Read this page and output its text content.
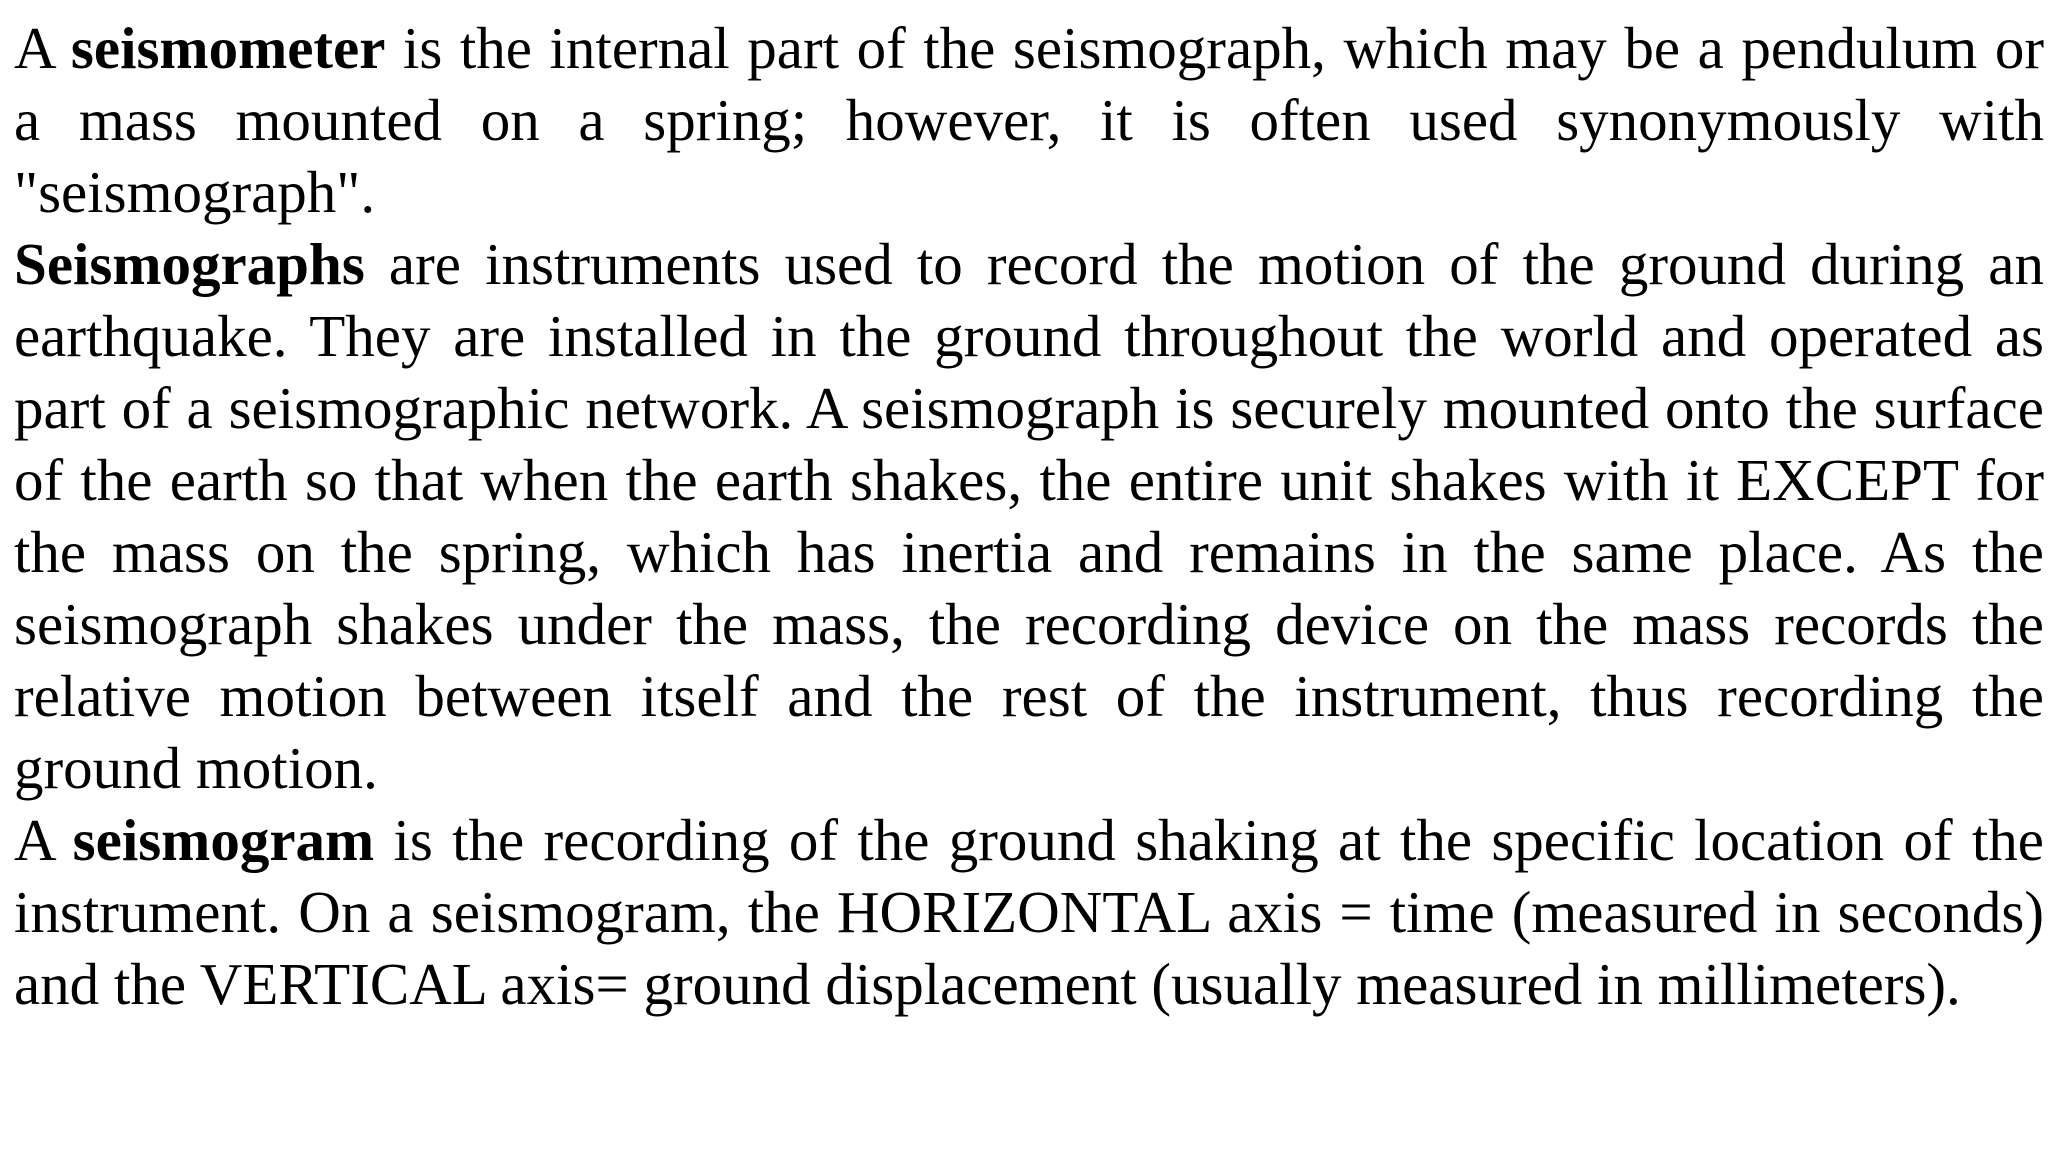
A seismometer is the internal part of the seismograph, which may be a pendulum or a mass mounted on a spring; however, it is often used synonymously with "seismograph".

Seismographs are instruments used to record the motion of the ground during an earthquake. They are installed in the ground throughout the world and operated as part of a seismographic network. A seismograph is securely mounted onto the surface of the earth so that when the earth shakes, the entire unit shakes with it EXCEPT for the mass on the spring, which has inertia and remains in the same place. As the seismograph shakes under the mass, the recording device on the mass records the relative motion between itself and the rest of the instrument, thus recording the ground motion.

A seismogram is the recording of the ground shaking at the specific location of the instrument. On a seismogram, the HORIZONTAL axis = time (measured in seconds) and the VERTICAL axis= ground displacement (usually measured in millimeters).
